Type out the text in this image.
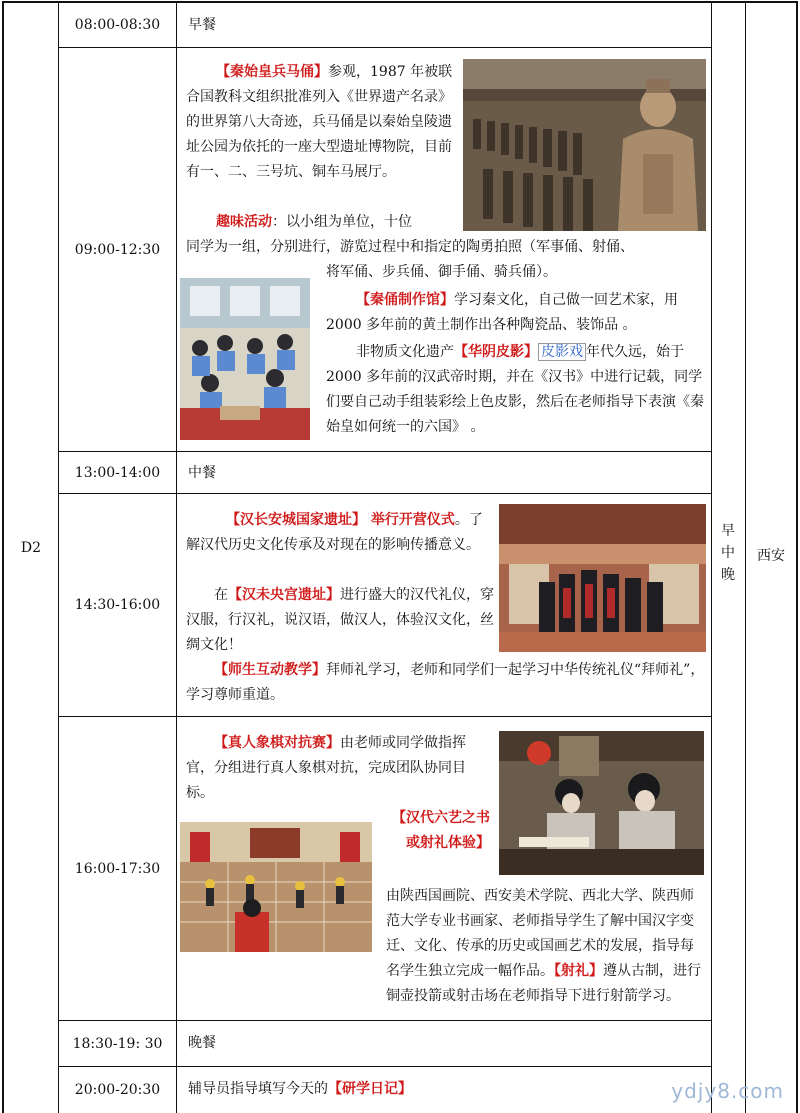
D2
早中晚
西安
08:00-08:30	早餐
09:00-12:30
【秦始皇兵马俑】参观，1987 年被联合国教科文组织批准列入《世界遗产名录》的世界第八大奇迹，兵马俑是以秦始皇陵遗址公园为依托的一座大型遗址博物院，目前有一、二、三号坑、铜车马展厅。
趣味活动：以小组为单位，十位
同学为一组，分别进行，游览过程中和指定的陶勇拍照（军事俑、射俑、
将军俑、步兵俑、御手俑、骑兵俑）。
【秦俑制作馆】学习秦文化，自己做一回艺术家，用 2000 多年前的黄土制作出各种陶瓷品、装饰品 。
非物质文化遗产【华阴皮影】 皮影戏 年代久远，始于 2000 多年前的汉武帝时期，并在《汉书》中进行记载，同学们要自己动手组装彩绘上色皮影，然后在老师指导下表演《秦始皇如何统一的六国》 。
13:00-14:00	中餐
14:30-16:00
【汉长安城国家遗址】 举行开营仪式。了解汉代历史文化传承及对现在的影响传播意义。
在【汉未央宫遗址】进行盛大的汉代礼仪，穿汉服，行汉礼，说汉语，做汉人，体验汉文化，丝绸文化！
【师生互动教学】拜师礼学习，老师和同学们一起学习中华传统礼仪“拜师礼”，学习尊师重道。
16:00-17:30
【真人象棋对抗赛】由老师或同学做指挥官，分组进行真人象棋对抗，完成团队协同目标。
【汉代六艺之书或射礼体验】
由陕西国画院、西安美术学院、西北大学、陕西师范大学专业书画家、老师指导学生了解中国汉字变迁、文化、传承的历史或国画艺术的发展，指导每名学生独立完成一幅作品。【射礼】遵从古制，进行铜壶投箭或射击场在老师指导下进行射箭学习。
18:30-19: 30	晚餐
20:00-20:30	辅导员指导填写今天的【研学日记】	ydjy8.com
